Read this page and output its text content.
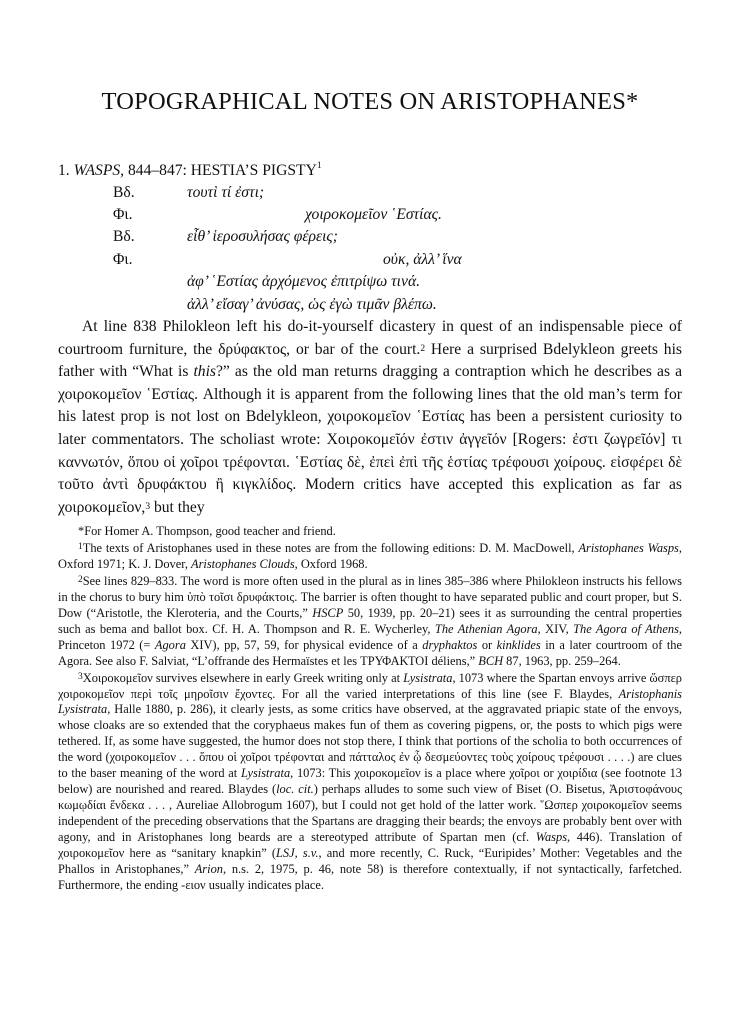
TOPOGRAPHICAL NOTES ON ARISTOPHANES*
1. WASPS, 844–847: HESTIA’S PIGSTY$^1$
Bδ.	τουτὶ τί ἐστι;
Φι.	χοιροκομεῖον ῾Εστίας.
Bδ.	εἶθ’ ἱεροσυλήσας φέρεις;
Φι.	οὐκ, ἀλλ’ ἵνα
ἀφ’ ῾Εστίας ἀρχόμενος ἐπιτρίψω τινά.
ἀλλ’ εἴσαγ’ ἀνύσας, ὡς ἐγὼ τιμᾶν βλέπω.

At line 838 Philokleon left his do-it-yourself dicastery in quest of an indispensable piece of courtroom furniture, the δρύφακτος, or bar of the court.$^2$ Here a surprised Bdelykleon greets his father with “What is this?” as the old man returns dragging a contraption which he describes as a χοιροκομεῖον ῾Εστίας. Although it is apparent from the following lines that the old man’s term for his latest prop is not lost on Bdelykleon, χοιροκομεῖον ῾Εστίας has been a persistent curiosity to later commentators. The scholiast wrote: Χοιροκομεῖόν ἐστιν ἀγγεῖόν [Rogers: ἐστι ζωγρεῖόν] τι καννωτόν, ὅπου οἱ χοῖροι τρέφονται. ῾Εστίας δὲ, ἐπεὶ ἐπὶ τῆς ἑστίας τρέφουσι χοίρους. εἰσφέρει δὲ τοῦτο ἀντὶ δρυφάκτου ἢ κιγκλίδος. Modern critics have accepted this explication as far as χοιροκομεῖον,$^3$ but they

*For Homer A. Thompson, good teacher and friend.

$^1$The texts of Aristophanes used in these notes are from the following editions: D. M. MacDowell, Aristophanes Wasps, Oxford 1971; K. J. Dover, Aristophanes Clouds, Oxford 1968.

$^2$See lines 829–833. The word is more often used in the plural as in lines 385–386 where Philokleon instructs his fellows in the chorus to bury him ὑπὸ τοῖσι δρυφάκτοις. The barrier is often thought to have separated public and court proper, but S. Dow (“Aristotle, the Kleroteria, and the Courts,” HSCP 50, 1939, pp. 20–21) sees it as surrounding the central properties such as bema and ballot box. Cf. H. A. Thompson and R. E. Wycherley, The Athenian Agora, XIV, The Agora of Athens, Princeton 1972 (= Agora XIV), pp, 57, 59, for physical evidence of a dryphaktos or kinklides in a later courtroom of the Agora. See also F. Salviat, “L’offrande des Hermaïstes et les ΤΡΥΦΑΚΤΟΙ déliens,” BCH 87, 1963, pp. 259–264.

$^3$Χοιροκομεῖον survives elsewhere in early Greek writing only at Lysistrata, 1073 where the Spartan envoys arrive ὥσπερ χοιροκομεῖον περὶ τοῖς μηροῖσιν ἔχοντες. For all the varied interpretations of this line (see F. Blaydes, Aristophanis Lysistrata, Halle 1880, p. 286), it clearly jests, as some critics have observed, at the aggravated priapic state of the envoys, whose cloaks are so extended that the coryphaeus makes fun of them as covering pigpens, or, the posts to which pigs were tethered. If, as some have suggested, the humor does not stop there, I think that portions of the scholia to both occurrences of the word (χοιροκομεῖον . . . ὅπου οἱ χοῖροι τρέφονται and πάτταλος ἐν ᾧ δεσμεύοντες τοὺς χοίρους τρέφουσι . . . .) are clues to the baser meaning of the word at Lysistrata, 1073: This χοιροκομεῖον is a place where χοῖροι or χοιρίδια (see footnote 13 below) are nourished and reared. Blaydes (loc. cit.) perhaps alludes to some such view of Biset (O. Bisetus, Ἀριστοφάνους κωμῳδίαι ἕνδεκα . . . , Aureliae Allobrogum 1607), but I could not get hold of the latter work. ῞Ωσπερ χοιροκομεῖον seems independent of the preceding observations that the Spartans are dragging their beards; the envoys are probably bent over with agony, and in Aristophanes long beards are a stereotyped attribute of Spartan men (cf. Wasps, 446). Translation of χοιροκομεῖον here as “sanitary knapkin” (LSJ, s.v., and more recently, C. Ruck, “Euripides’ Mother: Vegetables and the Phallos in Aristophanes,” Arion, n.s. 2, 1975, p. 46, note 58) is therefore contextually, if not syntactically, farfetched. Furthermore, the ending -ειον usually indicates place.
